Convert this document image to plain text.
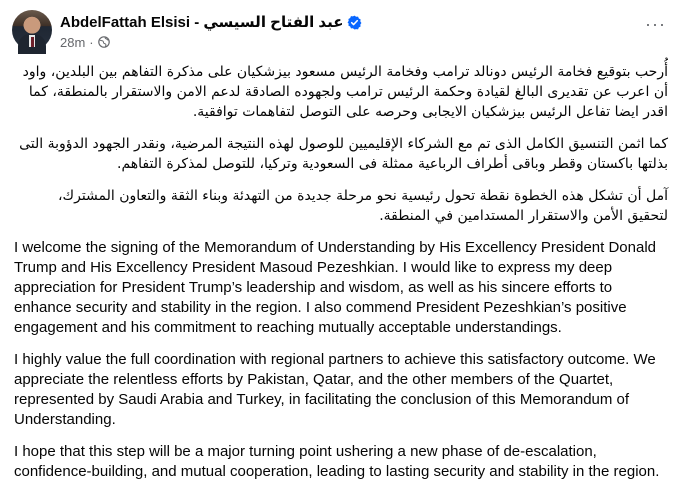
AbdelFattah Elsisi - عبد الفتاح السيسي
28m ·
···

أُرحب بتوقيع فخامة الرئيس دونالد ترامب وفخامة الرئيس مسعود بيزشكيان على مذكرة التفاهم بين البلدين، واود أن اعرب عن تقديرى البالغ لقيادة وحكمة الرئيس ترامب ولجهوده الصادقة لدعم الامن والاستقرار بالمنطقة، كما اقدر ايضا تفاعل الرئيس بيزشكيان الايجابى وحرصه على التوصل لتفاهمات توافقية.

كما اثمن التنسيق الكامل الذى تم مع الشركاء الإقليميين للوصول لهذه النتيجة المرضية، ونقدر الجهود الدؤوبة التى بذلتها باكستان وقطر وباقى أطراف الرباعية ممثلة فى السعودية وتركيا، للتوصل لمذكرة التفاهم.

آمل أن تشكل هذه الخطوة نقطة تحول رئيسية نحو مرحلة جديدة من التهدئة وبناء الثقة والتعاون المشترك، لتحقيق الأمن والاستقرار المستدامين في المنطقة.

I welcome the signing of the Memorandum of Understanding by His Excellency President Donald Trump and His Excellency President Masoud Pezeshkian. I would like to express my deep appreciation for President Trump’s leadership and wisdom, as well as his sincere efforts to enhance security and stability in the region. I also commend President Pezeshkian’s positive engagement and his commitment to reaching mutually acceptable understandings.

I highly value the full coordination with regional partners to achieve this satisfactory outcome. We appreciate the relentless efforts by Pakistan, Qatar, and the other members of the Quartet, represented by Saudi Arabia and Turkey, in facilitating the conclusion of this Memorandum of Understanding.

I hope that this step will be a major turning point ushering a new phase of de-escalation, confidence-building, and mutual cooperation, leading to lasting security and stability in the region.
